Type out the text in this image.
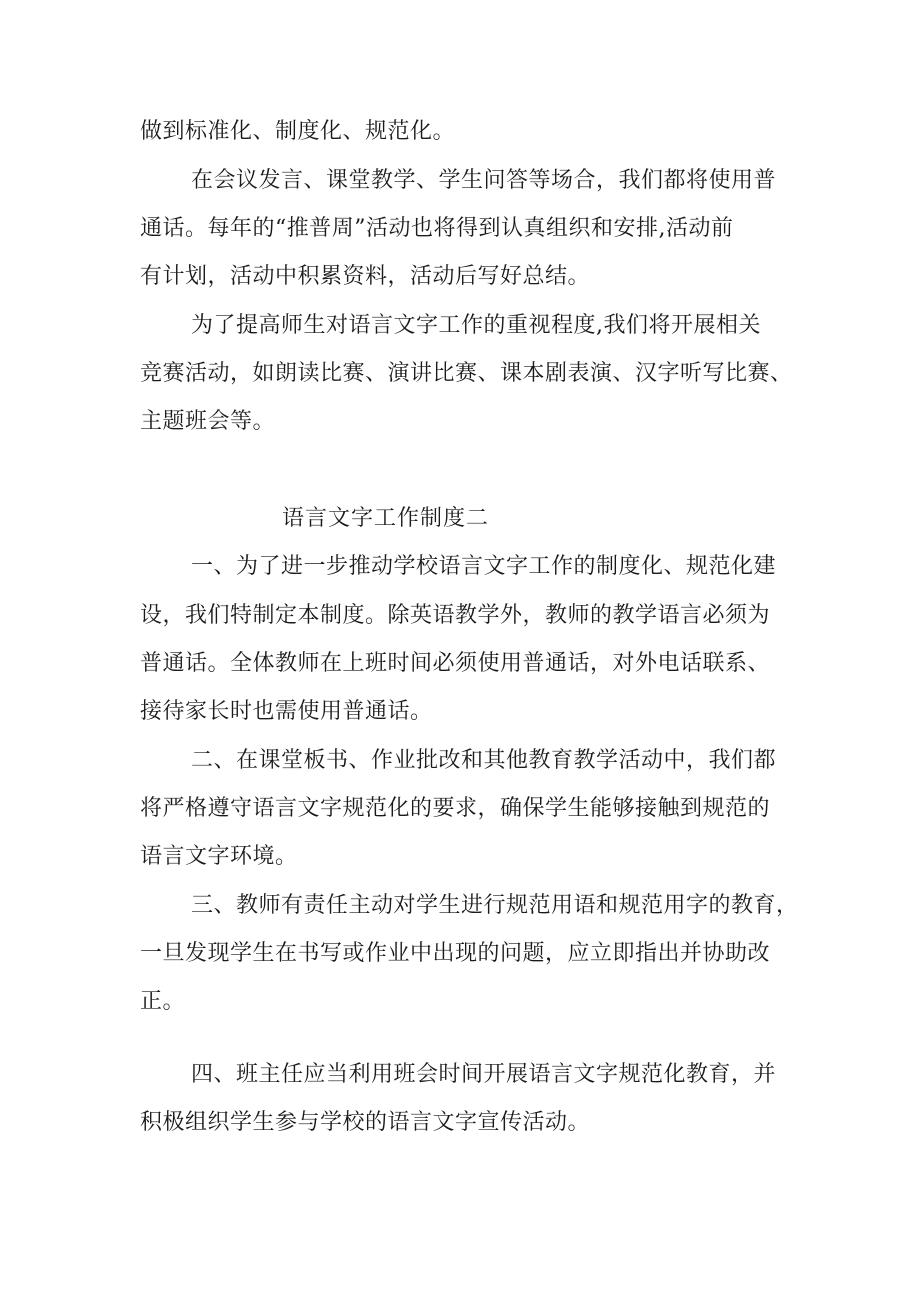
做到标准化、制度化、规范化。
在会议发言、课堂教学、学生问答等场合，我们都将使用普
通话。每年的“推普周”活动也将得到认真组织和安排,活动前
有计划，活动中积累资料，活动后写好总结。
为了提高师生对语言文字工作的重视程度,我们将开展相关
竞赛活动，如朗读比赛、演讲比赛、课本剧表演、汉字听写比赛、
主题班会等。
语言文字工作制度二
一、为了进一步推动学校语言文字工作的制度化、规范化建
设，我们特制定本制度。除英语教学外，教师的教学语言必须为
普通话。全体教师在上班时间必须使用普通话，对外电话联系、
接待家长时也需使用普通话。
二、在课堂板书、作业批改和其他教育教学活动中，我们都
将严格遵守语言文字规范化的要求，确保学生能够接触到规范的
语言文字环境。
三、教师有责任主动对学生进行规范用语和规范用字的教育，
一旦发现学生在书写或作业中出现的问题，应立即指出并协助改
正。
四、班主任应当利用班会时间开展语言文字规范化教育，并
积极组织学生参与学校的语言文字宣传活动。
